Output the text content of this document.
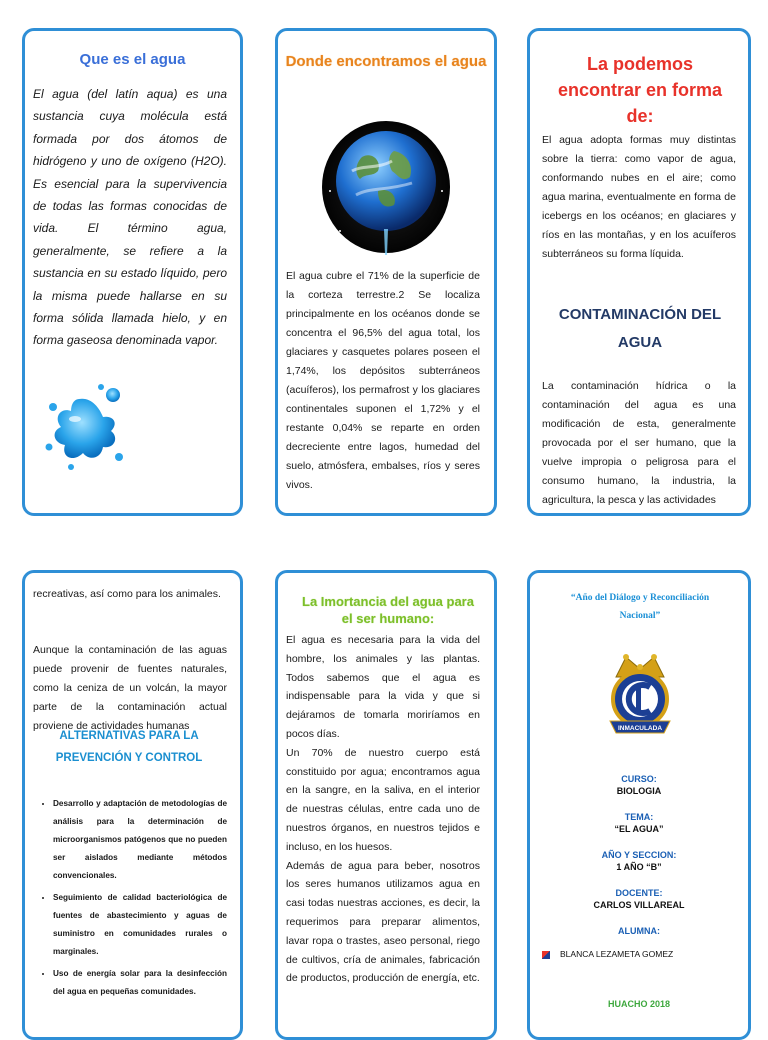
Que es el agua
El agua (del latín aqua) es una sustancia cuya molécula está formada por dos átomos de hidrógeno y uno de oxígeno (H2O). Es esencial para la supervivencia de todas las formas conocidas de vida. El término agua, generalmente, se refiere a la sustancia en su estado líquido, pero la misma puede hallarse en su forma sólida llamada hielo, y en forma gaseosa denominada vapor.
Donde encontramos el agua
El agua cubre el 71% de la superficie de la corteza terrestre.2 Se localiza principalmente en los océanos donde se concentra el 96,5% del agua total, los glaciares y casquetes polares poseen el 1,74%, los depósitos subterráneos (acuíferos), los permafrost y los glaciares continentales suponen el 1,72% y el restante 0,04% se reparte en orden decreciente entre lagos, humedad del suelo, atmósfera, embalses, ríos y seres vivos.
La podemos encontrar en forma de:
El agua adopta formas muy distintas sobre la tierra: como vapor de agua, conformando nubes en el aire; como agua marina, eventualmente en forma de icebergs en los océanos; en glaciares y ríos en las montañas, y en los acuíferos subterráneos su forma líquida.
CONTAMINACIÓN DEL AGUA
La contaminación hídrica o la contaminación del agua es una modificación de esta, generalmente provocada por el ser humano, que la vuelve impropia o peligrosa para el consumo humano, la industria, la agricultura, la pesca y las actividades
recreativas, así como para los animales.
Aunque la contaminación de las aguas puede provenir de fuentes naturales, como la ceniza de un volcán, la mayor parte de la contaminación actual proviene de actividades humanas
ALTERNATIVAS PARA LA PREVENCIÓN Y CONTROL
• Desarrollo y adaptación de metodologías de análisis para la determinación de microorganismos patógenos que no pueden ser aislados mediante métodos convencionales.
• Seguimiento de calidad bacteriológica de fuentes de abastecimiento y aguas de suministro en comunidades rurales o marginales.
• Uso de energía solar para la desinfección del agua en pequeñas comunidades.
La Imortancia del agua para el ser humano:
El agua es necesaria para la vida del hombre, los animales y las plantas. Todos sabemos que el agua es indispensable para la vida y que si dejáramos de tomarla moriríamos en pocos días.
Un 70% de nuestro cuerpo está constituido por agua; encontramos agua en la sangre, en la saliva, en el interior de nuestras células, entre cada uno de nuestros órganos, en nuestros tejidos e incluso, en los huesos.
Además de agua para beber, nosotros los seres humanos utilizamos agua en casi todas nuestras acciones, es decir, la requerimos para preparar alimentos, lavar ropa o trastes, aseo personal, riego de cultivos, cría de animales, fabricación de productos, producción de energía, etc.
“Año del Diálogo y Reconciliación Nacional”
INMACULADA
CURSO:
BIOLOGIA
TEMA:
“EL AGUA”
AÑO Y SECCION:
1 AÑO “B”
DOCENTE:
CARLOS VILLAREAL
ALUMNA:
BLANCA LEZAMETA GOMEZ
HUACHO 2018
